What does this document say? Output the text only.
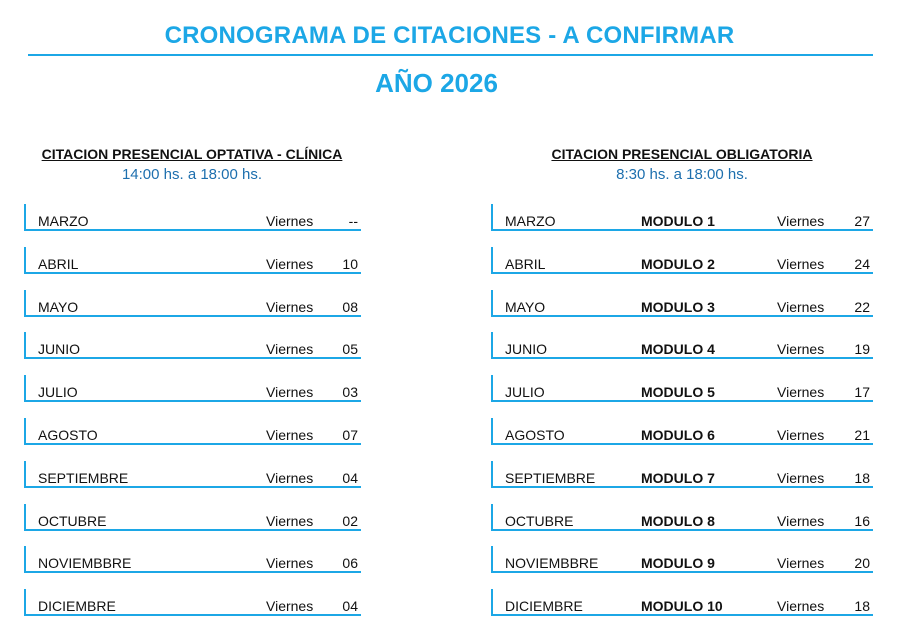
CRONOGRAMA DE CITACIONES - A CONFIRMAR
AÑO 2026
CITACION PRESENCIAL OPTATIVA - CLÍNICA
14:00 hs. a 18:00 hs.
CITACION PRESENCIAL OBLIGATORIA
8:30 hs. a 18:00 hs.
MARZO	Viernes	--
ABRIL	Viernes 10
MAYO	Viernes 08
JUNIO	Viernes 05
JULIO	Viernes 03
AGOSTO	Viernes 07
SEPTIEMBRE	Viernes 04
OCTUBRE	Viernes 02
NOVIEMBBRE	Viernes 06
DICIEMBRE	Viernes 04
MARZO	MODULO 1	Viernes 27
ABRIL	MODULO 2	Viernes 24
MAYO	MODULO 3	Viernes 22
JUNIO	MODULO 4	Viernes 19
JULIO	MODULO 5	Viernes 17
AGOSTO	MODULO 6	Viernes 21
SEPTIEMBRE	MODULO 7	Viernes 18
OCTUBRE	MODULO 8	Viernes 16
NOVIEMBBRE	MODULO 9	Viernes 20
DICIEMBRE	MODULO 10	Viernes 18
